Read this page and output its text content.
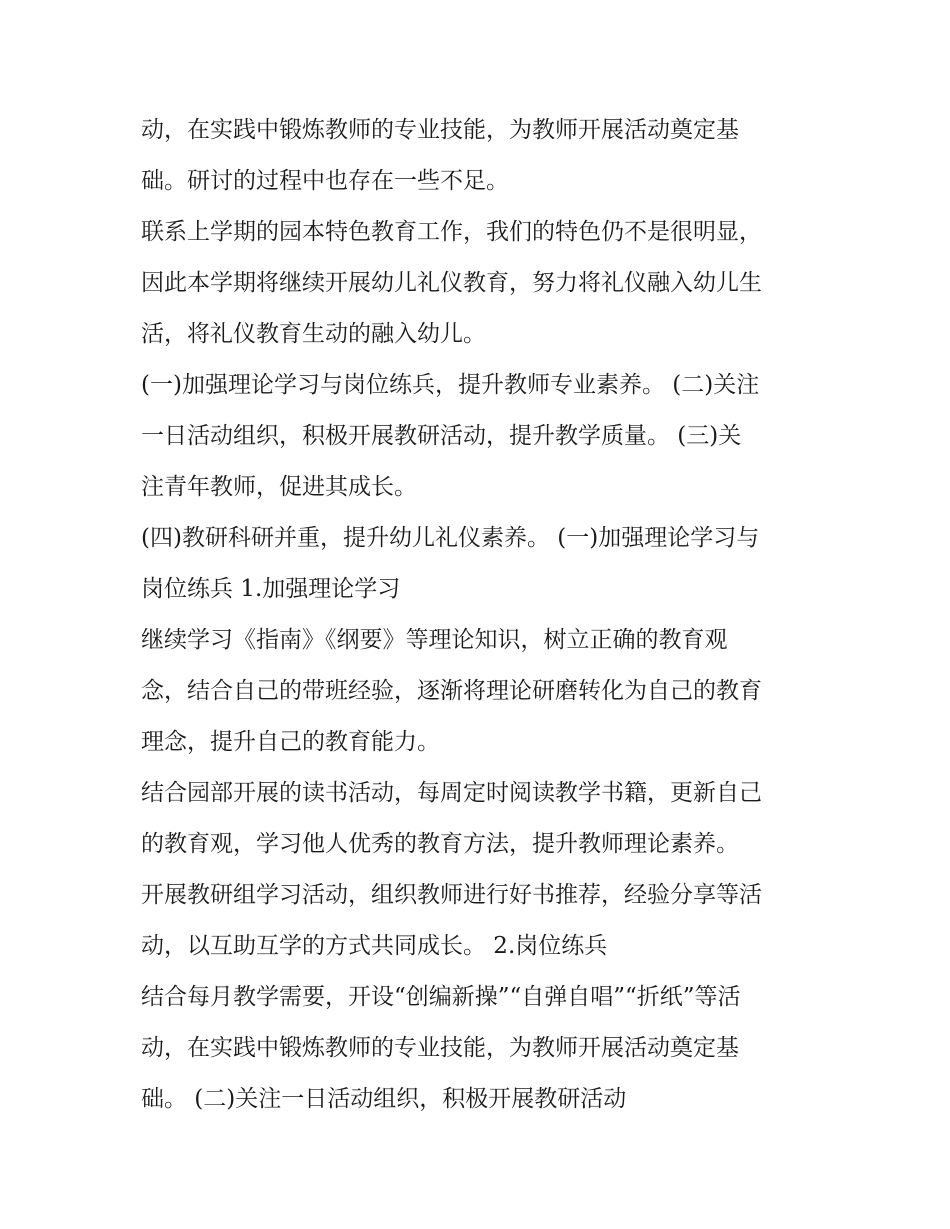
动，在实践中锻炼教师的专业技能，为教师开展活动奠定基
础。研讨的过程中也存在一些不足。
联系上学期的园本特色教育工作，我们的特色仍不是很明显，
因此本学期将继续开展幼儿礼仪教育，努力将礼仪融入幼儿生
活，将礼仪教育生动的融入幼儿。
(一)加强理论学习与岗位练兵，提升教师专业素养。 (二)关注
一日活动组织，积极开展教研活动，提升教学质量。 (三)关
注青年教师，促进其成长。
(四)教研科研并重，提升幼儿礼仪素养。 (一)加强理论学习与
岗位练兵 1.加强理论学习
继续学习《指南》《纲要》等理论知识，树立正确的教育观
念，结合自己的带班经验，逐渐将理论研磨转化为自己的教育
理念，提升自己的教育能力。
结合园部开展的读书活动，每周定时阅读教学书籍，更新自己
的教育观，学习他人优秀的教育方法，提升教师理论素养。
开展教研组学习活动，组织教师进行好书推荐，经验分享等活
动，以互助互学的方式共同成长。 2.岗位练兵
结合每月教学需要，开设“创编新操”“自弹自唱”“折纸”等活
动，在实践中锻炼教师的专业技能，为教师开展活动奠定基
础。 (二)关注一日活动组织，积极开展教研活动
